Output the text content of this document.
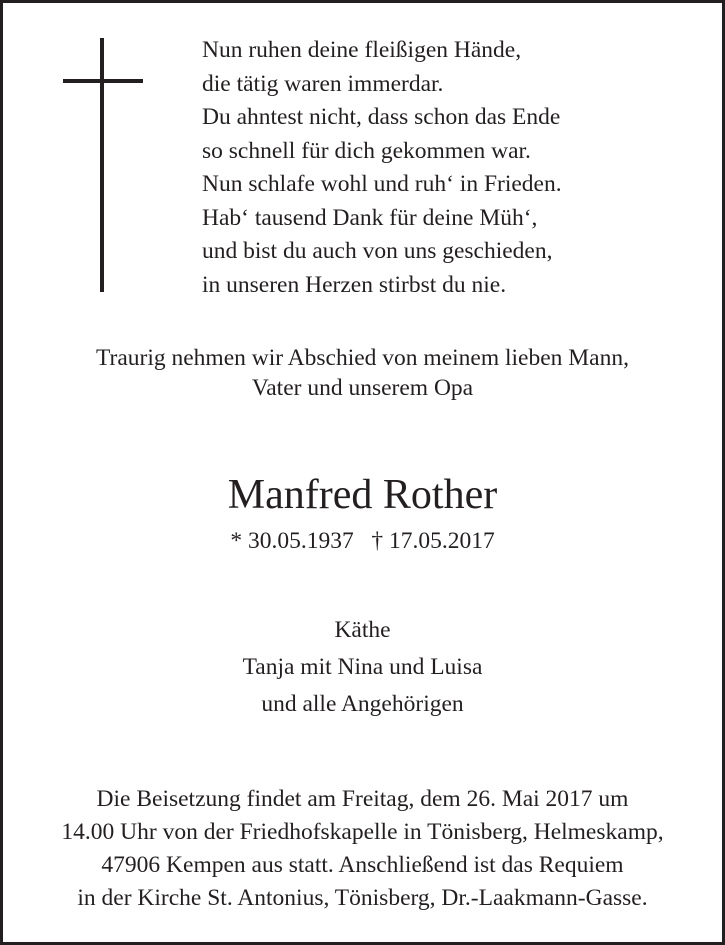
Nun ruhen deine fleißigen Hände,
die tätig waren immerdar.
Du ahntest nicht, dass schon das Ende
so schnell für dich gekommen war.
Nun schlafe wohl und ruh‘ in Frieden.
Hab‘ tausend Dank für deine Müh‘,
und bist du auch von uns geschieden,
in unseren Herzen stirbst du nie.
Traurig nehmen wir Abschied von meinem lieben Mann,
Vater und unserem Opa
Manfred Rother
* 30.05.1937   † 17.05.2017
Käthe
Tanja mit Nina und Luisa
und alle Angehörigen
Die Beisetzung findet am Freitag, dem 26. Mai 2017 um
14.00 Uhr von der Friedhofskapelle in Tönisberg, Helmeskamp,
47906 Kempen aus statt. Anschließend ist das Requiem
in der Kirche St. Antonius, Tönisberg, Dr.-Laakmann-Gasse.
